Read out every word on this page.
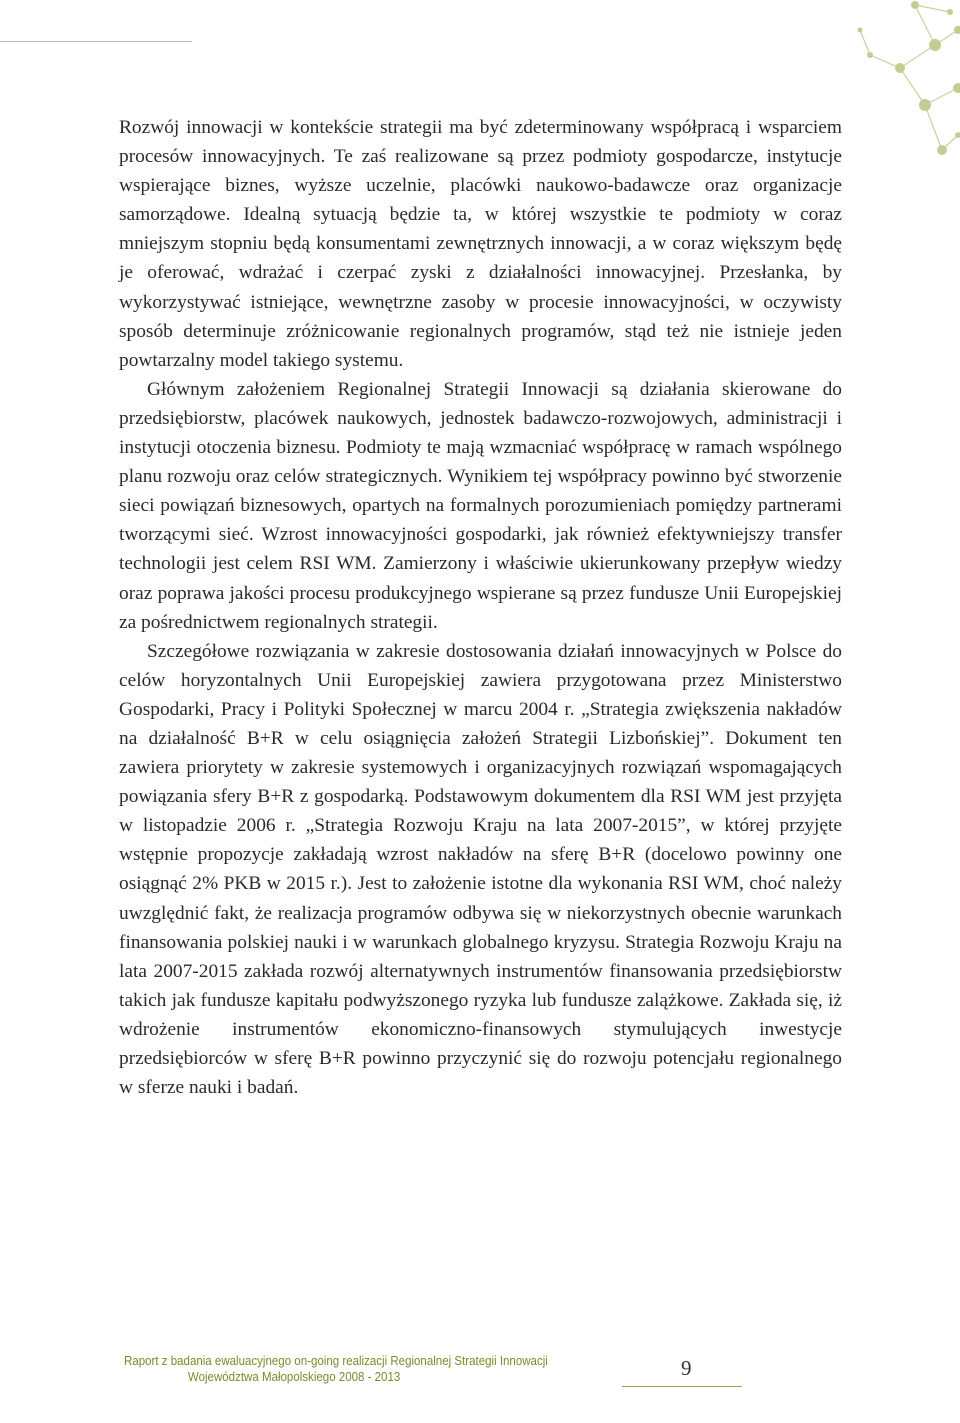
Rozwój innowacji w kontekście strategii ma być zdeterminowany współpracą i wsparciem procesów innowacyjnych. Te zaś realizowane są przez podmioty gospodarcze, instytucje wspierające biznes, wyższe uczelnie, placówki naukowo-badawcze oraz organizacje samorządowe. Idealną sytuacją będzie ta, w której wszystkie te podmioty w coraz mniejszym stopniu będą konsumentami zewnętrznych innowacji, a w coraz większym będę je oferować, wdrażać i czerpać zyski z działalności innowacyjnej. Przesłanka, by wykorzystywać istniejące, wewnętrzne zasoby w procesie innowacyjności, w oczywisty sposób determinuje zróżnicowanie regionalnych programów, stąd też nie istnieje jeden powtarzalny model takiego systemu.

Głównym założeniem Regionalnej Strategii Innowacji są działania skierowane do przedsiębiorstw, placówek naukowych, jednostek badawczo-rozwojowych, administracji i instytucji otoczenia biznesu. Podmioty te mają wzmacniać współpracę w ramach wspólnego planu rozwoju oraz celów strategicznych. Wynikiem tej współpracy powinno być stworzenie sieci powiązań biznesowych, opartych na formalnych porozumieniach pomiędzy partnerami tworzącymi sieć. Wzrost innowacyjności gospodarki, jak również efektywniejszy transfer technologii jest celem RSI WM. Zamierzony i właściwie ukierunkowany przepływ wiedzy oraz poprawa jakości procesu produkcyjnego wspierane są przez fundusze Unii Europejskiej za pośrednictwem regionalnych strategii.

Szczegółowe rozwiązania w zakresie dostosowania działań innowacyjnych w Polsce do celów horyzontalnych Unii Europejskiej zawiera przygotowana przez Ministerstwo Gospodarki, Pracy i Polityki Społecznej w marcu 2004 r. „Strategia zwiększenia nakładów na działalność B+R w celu osiągnięcia założeń Strategii Lizbońskiej”. Dokument ten zawiera priorytety w zakresie systemowych i organizacyjnych rozwiązań wspomagających powiązania sfery B+R z gospodarką. Podstawowym dokumentem dla RSI WM jest przyjęta w listopadzie 2006 r. „Strategia Rozwoju Kraju na lata 2007-2015”, w której przyjęte wstępnie propozycje zakładają wzrost nakładów na sferę B+R (docelowo powinny one osiągnąć 2% PKB w 2015 r.). Jest to założenie istotne dla wykonania RSI WM, choć należy uwzględnić fakt, że realizacja programów odbywa się w niekorzystnych obecnie warunkach finansowania polskiej nauki i w warunkach globalnego kryzysu. Strategia Rozwoju Kraju na lata 2007-2015 zakłada rozwój alternatywnych instrumentów finansowania przedsiębiorstw takich jak fundusze kapitału podwyższonego ryzyka lub fundusze zalążkowe. Zakłada się, iż wdrożenie instrumentów ekonomiczno-finansowych stymulujących inwestycje przedsiębiorców w sferę B+R powinno przyczynić się do rozwoju potencjału regionalnego w sferze nauki i badań.

Raport z badania ewaluacyjnego on-going realizacji Regionalnej Strategii Innowacji
Województwa Małopolskiego 2008 - 2013	9
